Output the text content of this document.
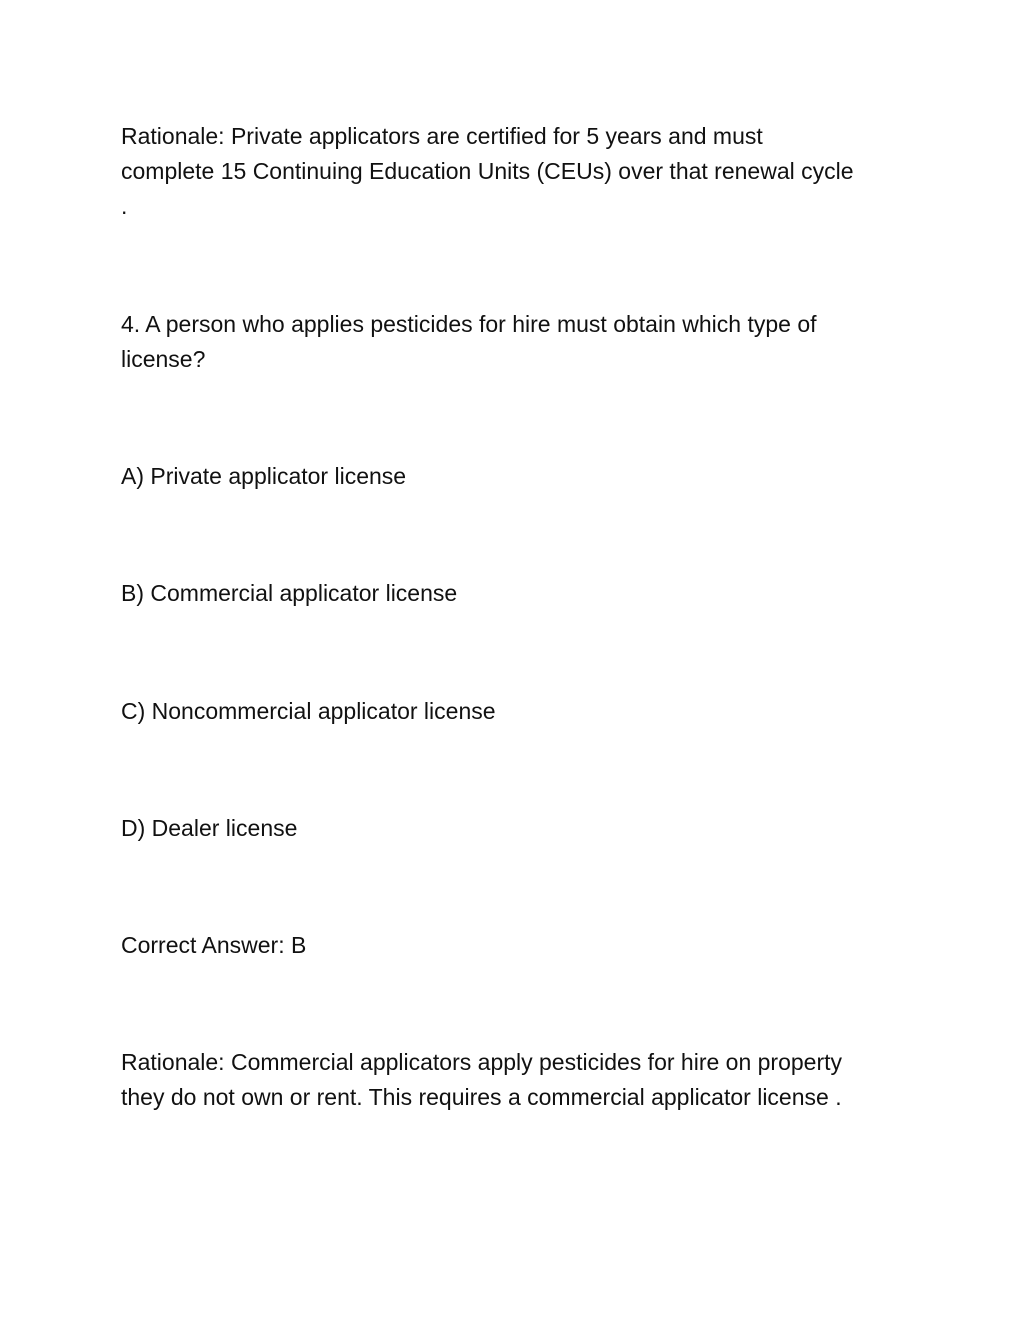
Rationale: Private applicators are certified for 5 years and must
complete 15 Continuing Education Units (CEUs) over that renewal cycle
.

4. A person who applies pesticides for hire must obtain which type of
license?

A) Private applicator license

B) Commercial applicator license

C) Noncommercial applicator license

D) Dealer license

Correct Answer: B

Rationale: Commercial applicators apply pesticides for hire on property
they do not own or rent. This requires a commercial applicator license .
